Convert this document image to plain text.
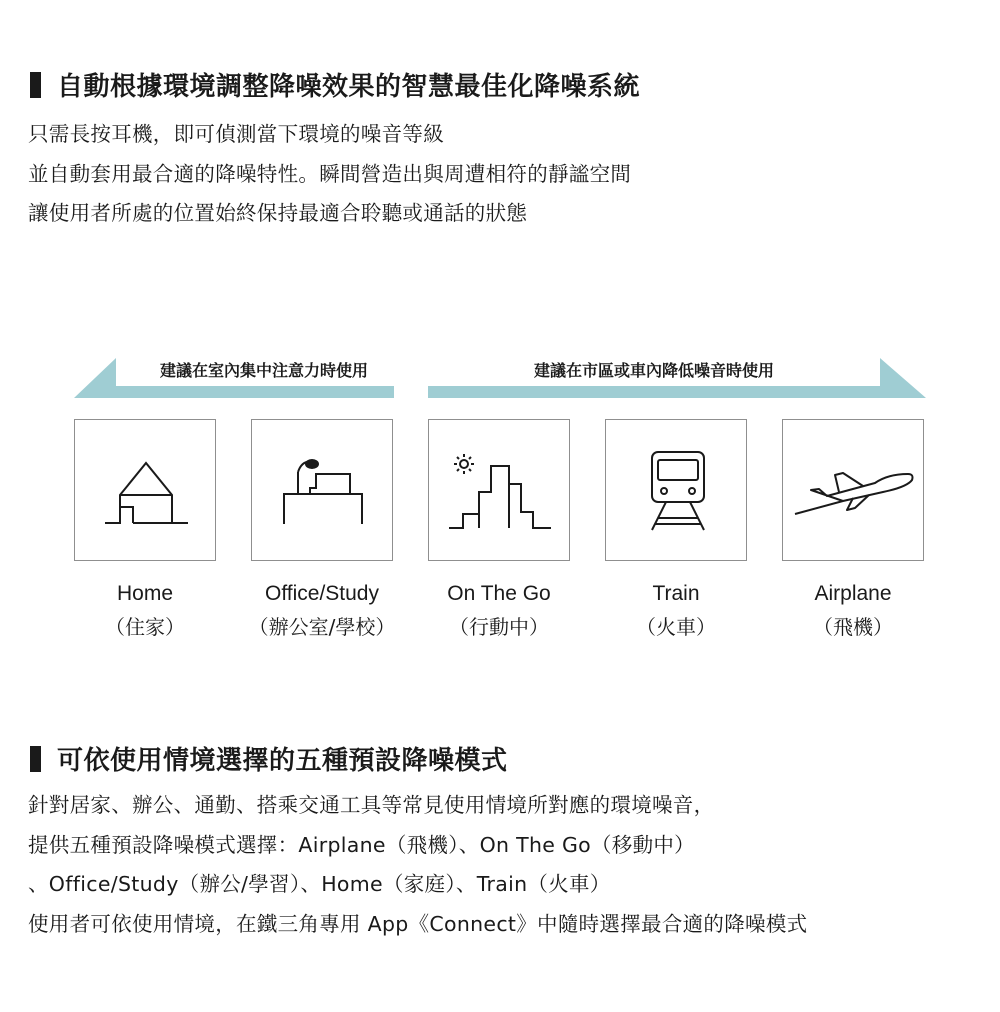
自動根據環境調整降噪效果的智慧最佳化降噪系統

只需長按耳機，即可偵測當下環境的噪音等級

並自動套用最合適的降噪特性。瞬間營造出與周遭相符的靜謐空間

讓使用者所處的位置始終保持最適合聆聽或通話的狀態

建議在室內集中注意力時使用	建議在市區或車內降低噪音時使用
Home
（住家）
Office/Study
（辦公室/學校）
On The Go
（行動中）
Train
（火車）
Airplane
（飛機）
可依使用情境選擇的五種預設降噪模式

針對居家、辦公、通勤、搭乘交通工具等常見使用情境所對應的環境噪音，

提供五種預設降噪模式選擇：Airplane（飛機）、On The Go（移動中）

、Office/Study（辦公/學習）、Home（家庭）、Train（火車）

使用者可依使用情境，在鐵三角專用 App《Connect》中隨時選擇最合適的降噪模式
